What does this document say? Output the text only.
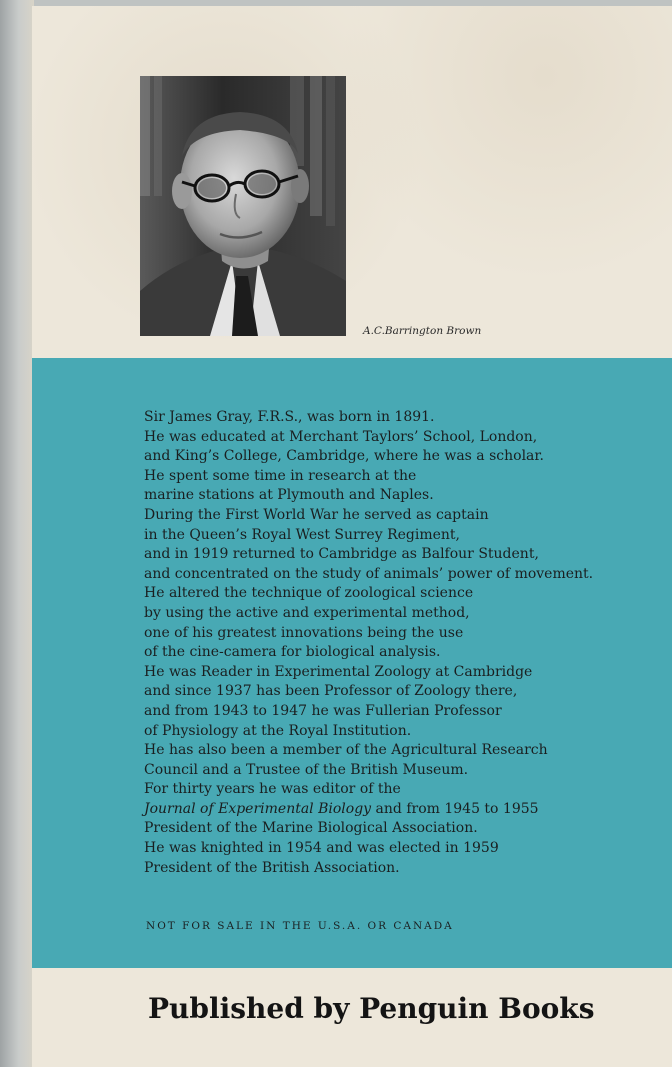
A.C.Barrington Brown
Sir James Gray, F.R.S., was born in 1891.
He was educated at Merchant Taylors’ School, London,
and King’s College, Cambridge, where he was a scholar.
He spent some time in research at the
marine stations at Plymouth and Naples.
During the First World War he served as captain
in the Queen’s Royal West Surrey Regiment,
and in 1919 returned to Cambridge as Balfour Student,
and concentrated on the study of animals’ power of movement.
He altered the technique of zoological science
by using the active and experimental method,
one of his greatest innovations being the use
of the cine-camera for biological analysis.
He was Reader in Experimental Zoology at Cambridge
and since 1937 has been Professor of Zoology there,
and from 1943 to 1947 he was Fullerian Professor
of Physiology at the Royal Institution.
He has also been a member of the Agricultural Research
Council and a Trustee of the British Museum.
For thirty years he was editor of the
Journal of Experimental Biology and from 1945 to 1955
President of the Marine Biological Association.
He was knighted in 1954 and was elected in 1959
President of the British Association.
NOT FOR SALE IN THE U.S.A. OR CANADA
Published by Penguin Books
